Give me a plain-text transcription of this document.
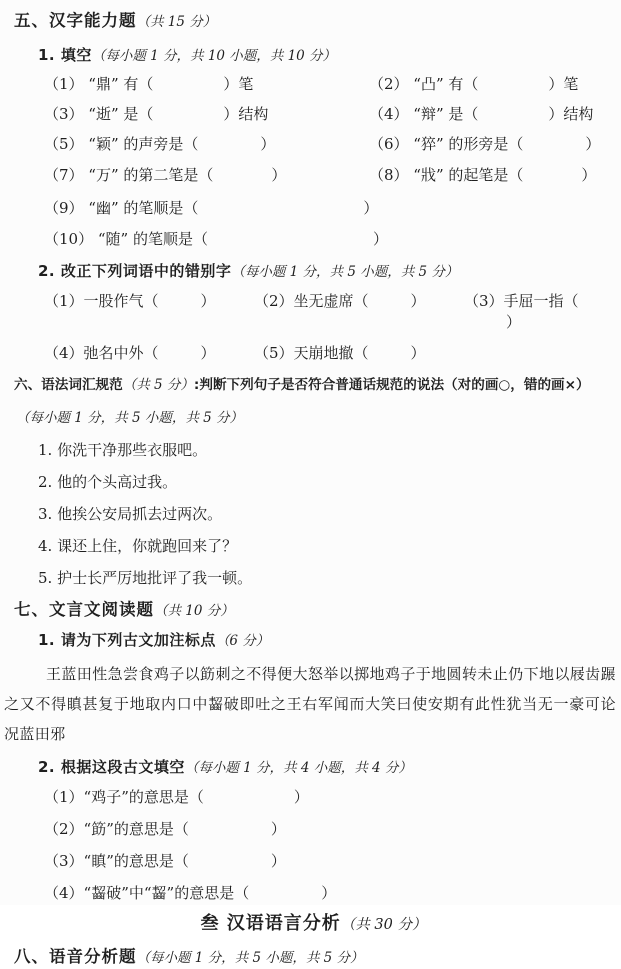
五、汉字能力题（共 15 分）
1. 填空（每小题 1 分，共 10 小题，共 10 分）
（1） “鼎” 有（	）笔	（2） “凸” 有（	）笔
（3） “逝” 是（	）结构	（4） “辩” 是（	）结构
（5） “颖” 的声旁是（	）	（6） “猝” 的形旁是（	）
（7） “万” 的第二笔是（	）	（8） “戕” 的起笔是（	）
（9） “幽” 的笔顺是（	）
（10） “随” 的笔顺是（	）
2. 改正下列词语中的错别字（每小题 1 分，共 5 小题，共 5 分）
（1）一股作气（	）	（2）坐无虚席（	）	（3）手屈一指（）
（4）弛名中外（	）	（5）天崩地撤（	）
六、语法词汇规范（共 5 分）:判断下列句子是否符合普通话规范的说法（对的画○，错的画×）
（每小题 1 分，共 5 小题，共 5 分）
1. 你洗干净那些衣服吧。
2. 他的个头高过我。
3. 他挨公安局抓去过两次。
4. 课还上住，你就跑回来了？
5. 护士长严厉地批评了我一顿。
七、文言文阅读题（共 10 分）
1. 请为下列古文加注标点（6 分）
王蓝田性急尝食鸡子以筯刺之不得便大怒举以掷地鸡子于地圆转未止仍下地以屐齿蹍之又不得瞋甚复于地取内口中齧破即吐之王右军闻而大笑曰使安期有此性犹当无一豪可论况蓝田邪
2. 根据这段古文填空（每小题 1 分，共 4 小题，共 4 分）
（1）“鸡子”的意思是（	）
（2）“筯”的意思是（	）
（3）“瞋”的意思是（	）
（4）“齧破”中“齧”的意思是（	）
叁 汉语语言分析（共 30 分）
八、语音分析题（每小题 1 分，共 5 小题，共 5 分）
